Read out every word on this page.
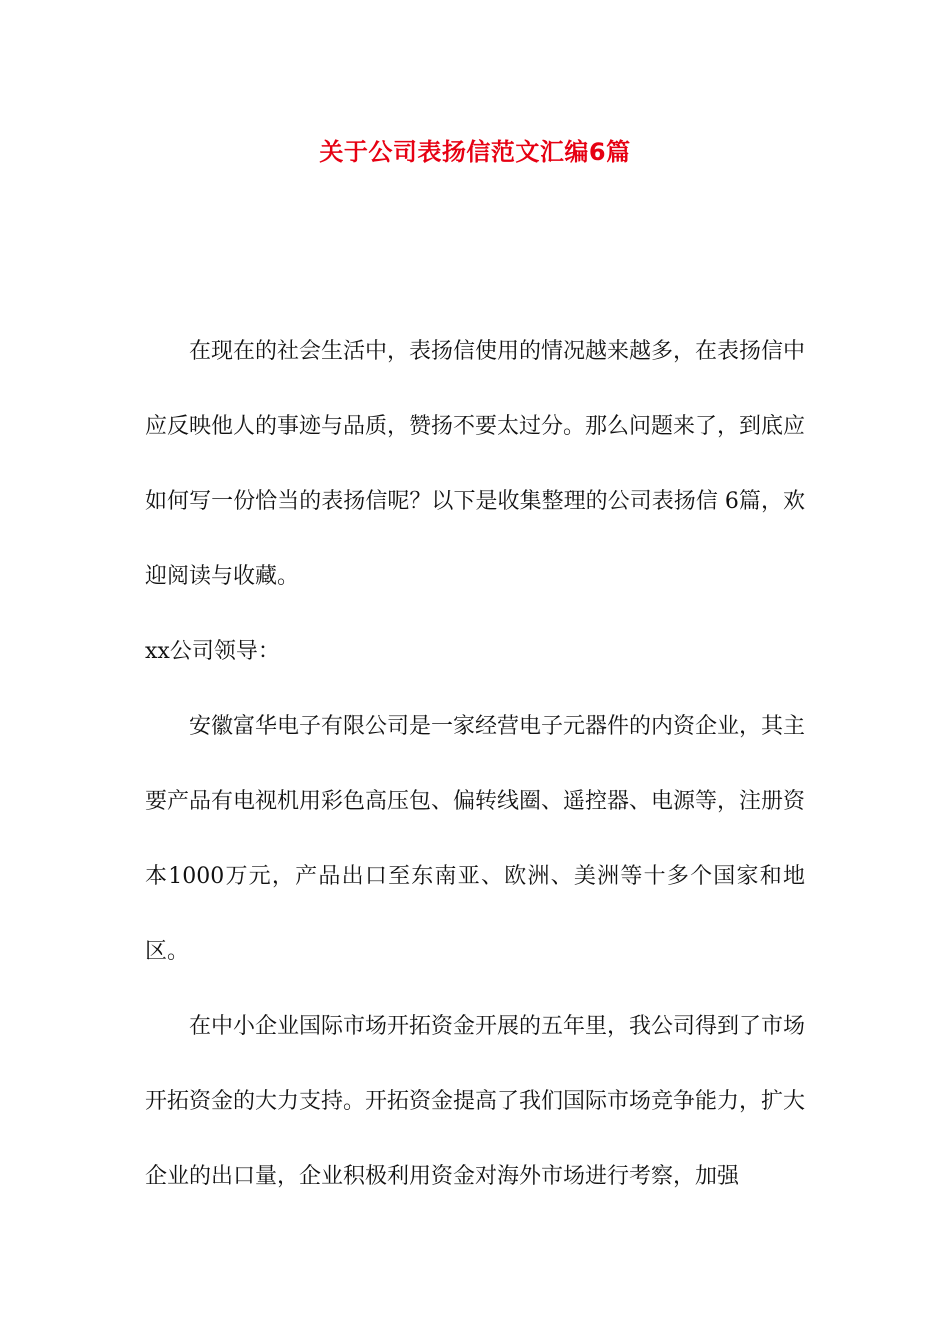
关于公司表扬信范文汇编6篇

在现在的社会生活中，表扬信使用的情况越来越多，在表扬信中应反映他人的事迹与品质，赞扬不要太过分。那么问题来了，到底应如何写一份恰当的表扬信呢？以下是收集整理的公司表扬信 6篇，欢迎阅读与收藏。

xx公司领导：

安徽富华电子有限公司是一家经营电子元器件的内资企业，其主要产品有电视机用彩色高压包、偏转线圈、遥控器、电源等，注册资本1000万元，产品出口至东南亚、欧洲、美洲等十多个国家和地区。

在中小企业国际市场开拓资金开展的五年里，我公司得到了市场开拓资金的大力支持。开拓资金提高了我们国际市场竞争能力，扩大企业的出口量，企业积极利用资金对海外市场进行考察，加强
